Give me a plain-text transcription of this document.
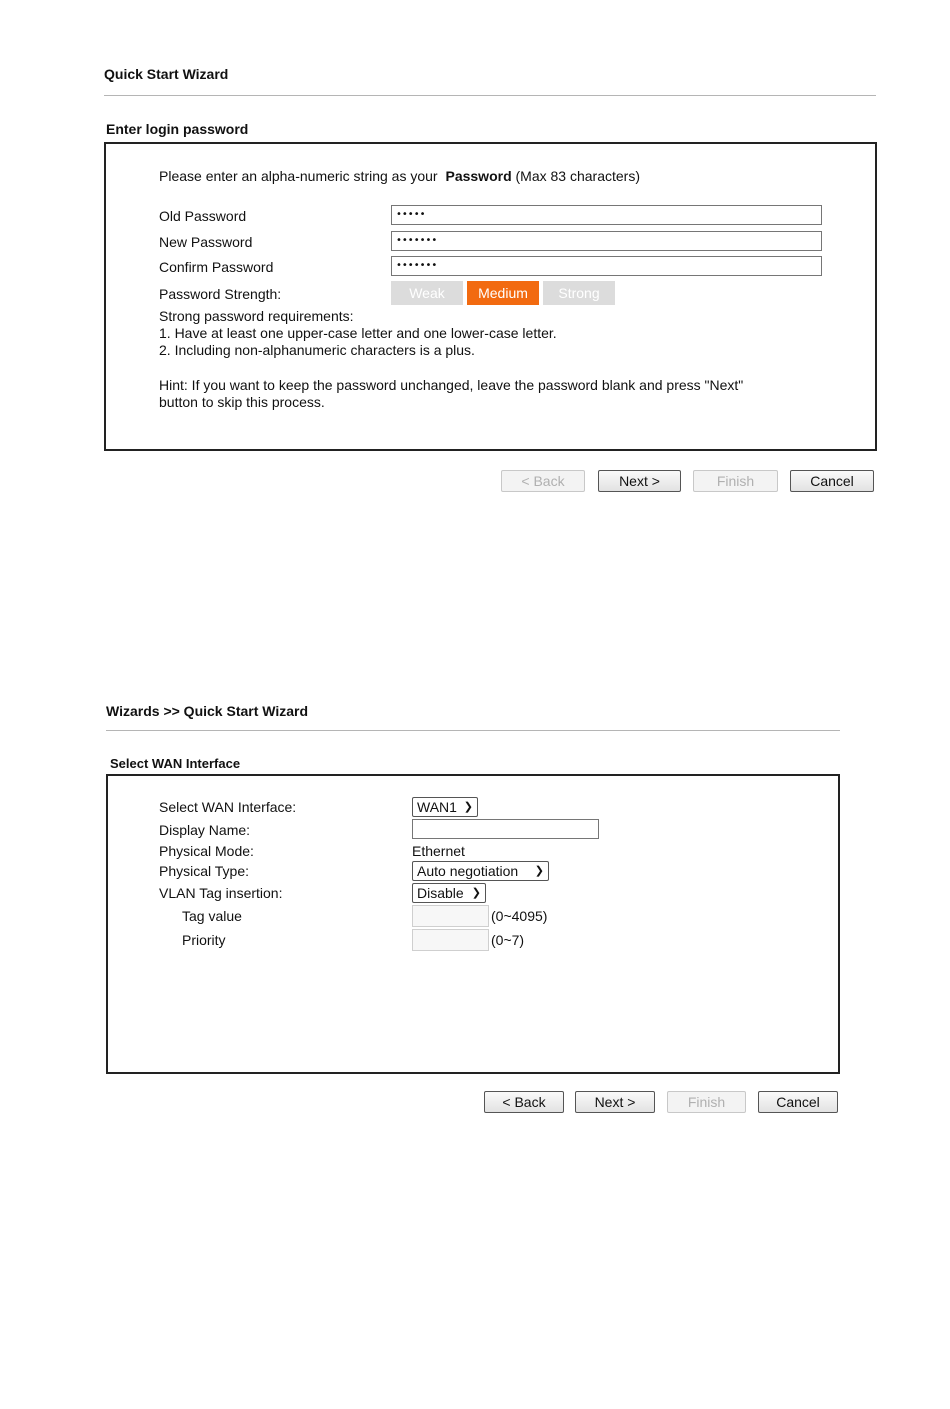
Quick Start Wizard
Enter login password
Please enter an alpha-numeric string as your Password (Max 83 characters)
Old Password	•••••
New Password	•••••••
Confirm Password	•••••••
Password Strength:	Weak	Medium	Strong
Strong password requirements:
1. Have at least one upper-case letter and one lower-case letter.
2. Including non-alphanumeric characters is a plus.
Hint: If you want to keep the password unchanged, leave the password blank and press "Next"
button to skip this process.
< Back	Next >	Finish	Cancel
Wizards >> Quick Start Wizard
Select WAN Interface
Select WAN Interface:	WAN1 ❯
Display Name:
Physical Mode:	Ethernet
Physical Type:	Auto negotiation ❯
VLAN Tag insertion:	Disable ❯
Tag value	(0~4095)
Priority	(0~7)
< Back	Next >	Finish	Cancel
